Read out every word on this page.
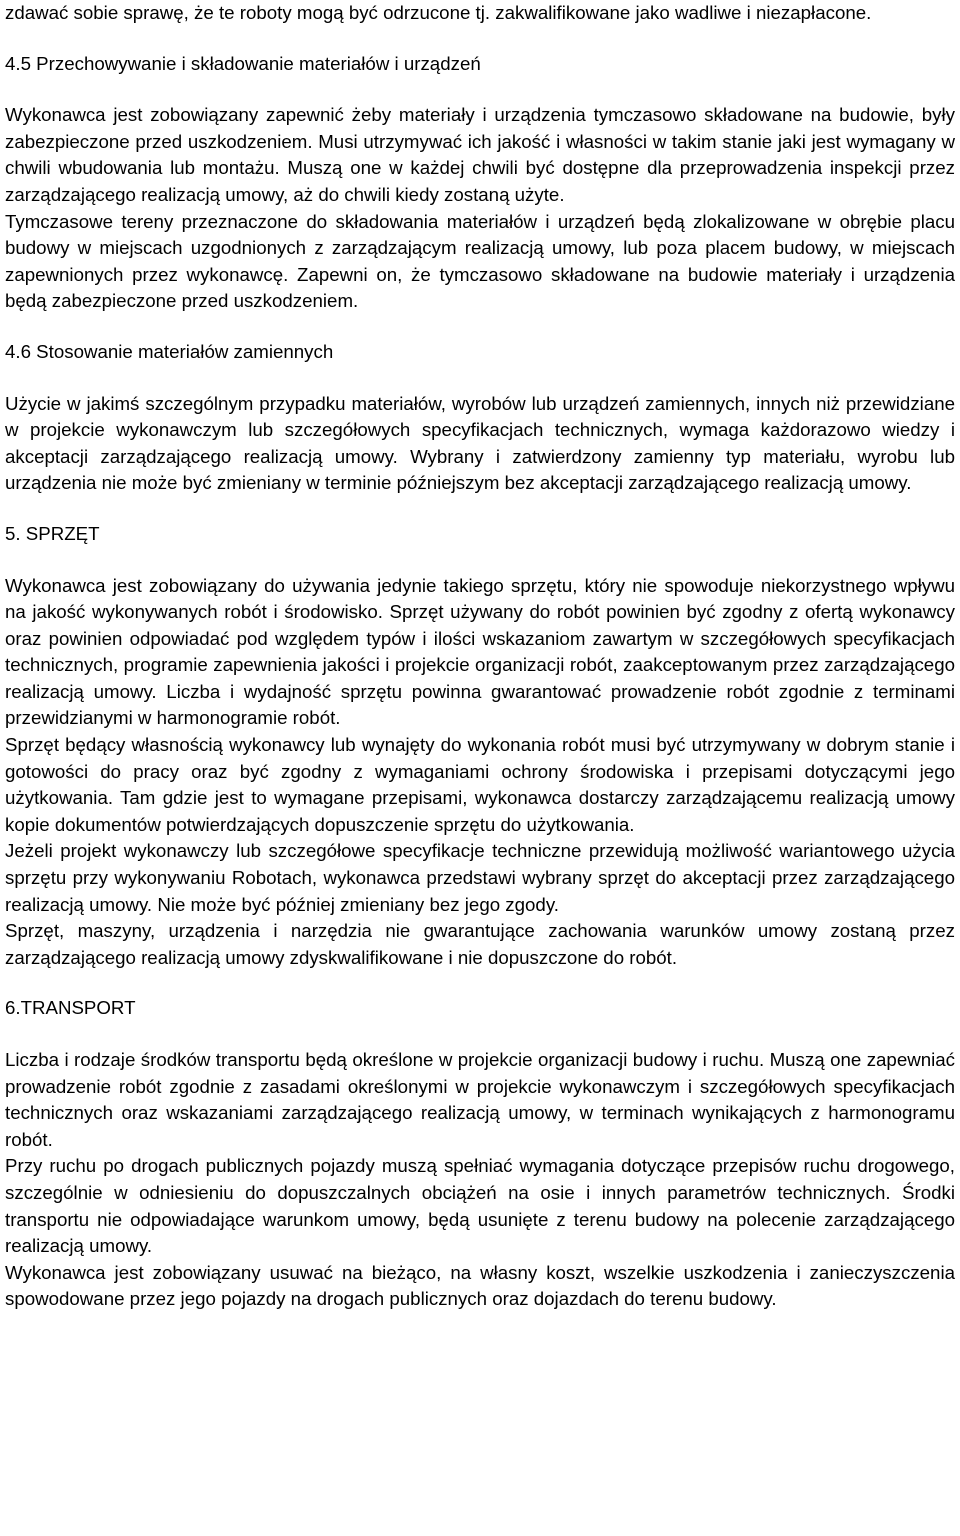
zdawać sobie sprawę, że te roboty mogą być odrzucone tj. zakwalifikowane jako wadliwe i niezapłacone.

4.5 Przechowywanie i składowanie materiałów i urządzeń

Wykonawca jest zobowiązany zapewnić żeby materiały i urządzenia tymczasowo składowane na budowie, były zabezpieczone przed uszkodzeniem. Musi utrzymywać ich jakość i własności w takim stanie jaki jest wymagany w chwili wbudowania lub montażu. Muszą one w każdej chwili być dostępne dla przeprowadzenia inspekcji przez zarządzającego realizacją umowy, aż do chwili kiedy zostaną użyte.

Tymczasowe tereny przeznaczone do składowania materiałów i urządzeń będą zlokalizowane w obrębie placu budowy w miejscach uzgodnionych z zarządzającym realizacją umowy, lub poza placem budowy, w miejscach zapewnionych przez wykonawcę. Zapewni on, że tymczasowo składowane na budowie materiały i urządzenia będą zabezpieczone przed uszkodzeniem.

4.6 Stosowanie materiałów zamiennych

Użycie w jakimś szczególnym przypadku materiałów, wyrobów lub urządzeń zamiennych, innych niż przewidziane w projekcie wykonawczym lub szczegółowych specyfikacjach technicznych, wymaga każdorazowo wiedzy i akceptacji zarządzającego realizacją umowy. Wybrany i zatwierdzony zamienny typ materiału, wyrobu lub urządzenia nie może być zmieniany w terminie późniejszym bez akceptacji zarządzającego realizacją umowy.

5. SPRZĘT

Wykonawca jest zobowiązany do używania jedynie takiego sprzętu, który nie spowoduje niekorzystnego wpływu na jakość wykonywanych robót i środowisko. Sprzęt używany do robót powinien być zgodny z ofertą wykonawcy oraz powinien odpowiadać pod względem typów i ilości wskazaniom zawartym w szczegółowych specyfikacjach technicznych, programie zapewnienia jakości i projekcie organizacji robót, zaakceptowanym przez zarządzającego realizacją umowy. Liczba i wydajność sprzętu powinna gwarantować prowadzenie robót zgodnie z terminami przewidzianymi w harmonogramie robót.

Sprzęt będący własnością wykonawcy lub wynajęty do wykonania robót musi być utrzymywany w dobrym stanie i gotowości do pracy oraz być zgodny z wymaganiami ochrony środowiska i przepisami dotyczącymi jego użytkowania. Tam gdzie jest to wymagane przepisami, wykonawca dostarczy zarządzającemu realizacją umowy kopie dokumentów potwierdzających dopuszczenie sprzętu do użytkowania.

Jeżeli projekt wykonawczy lub szczegółowe specyfikacje techniczne przewidują możliwość wariantowego użycia sprzętu przy wykonywaniu Robotach, wykonawca przedstawi wybrany sprzęt do akceptacji przez zarządzającego realizacją umowy. Nie może być później zmieniany bez jego zgody.

Sprzęt, maszyny, urządzenia i narzędzia nie gwarantujące zachowania warunków umowy zostaną przez zarządzającego realizacją umowy zdyskwalifikowane i nie dopuszczone do robót.

6.TRANSPORT

Liczba i rodzaje środków transportu będą określone w projekcie organizacji budowy i ruchu. Muszą one zapewniać prowadzenie robót zgodnie z zasadami określonymi w projekcie wykonawczym i szczegółowych specyfikacjach technicznych oraz wskazaniami zarządzającego realizacją umowy, w terminach wynikających z harmonogramu robót.

Przy ruchu po drogach publicznych pojazdy muszą spełniać wymagania dotyczące przepisów ruchu drogowego, szczególnie w odniesieniu do dopuszczalnych obciążeń na osie i innych parametrów technicznych. Środki transportu nie odpowiadające warunkom umowy, będą usunięte z terenu budowy na polecenie zarządzającego realizacją umowy.

Wykonawca jest zobowiązany usuwać na bieżąco, na własny koszt, wszelkie uszkodzenia i zanieczyszczenia spowodowane przez jego pojazdy na drogach publicznych oraz dojazdach do terenu budowy.
